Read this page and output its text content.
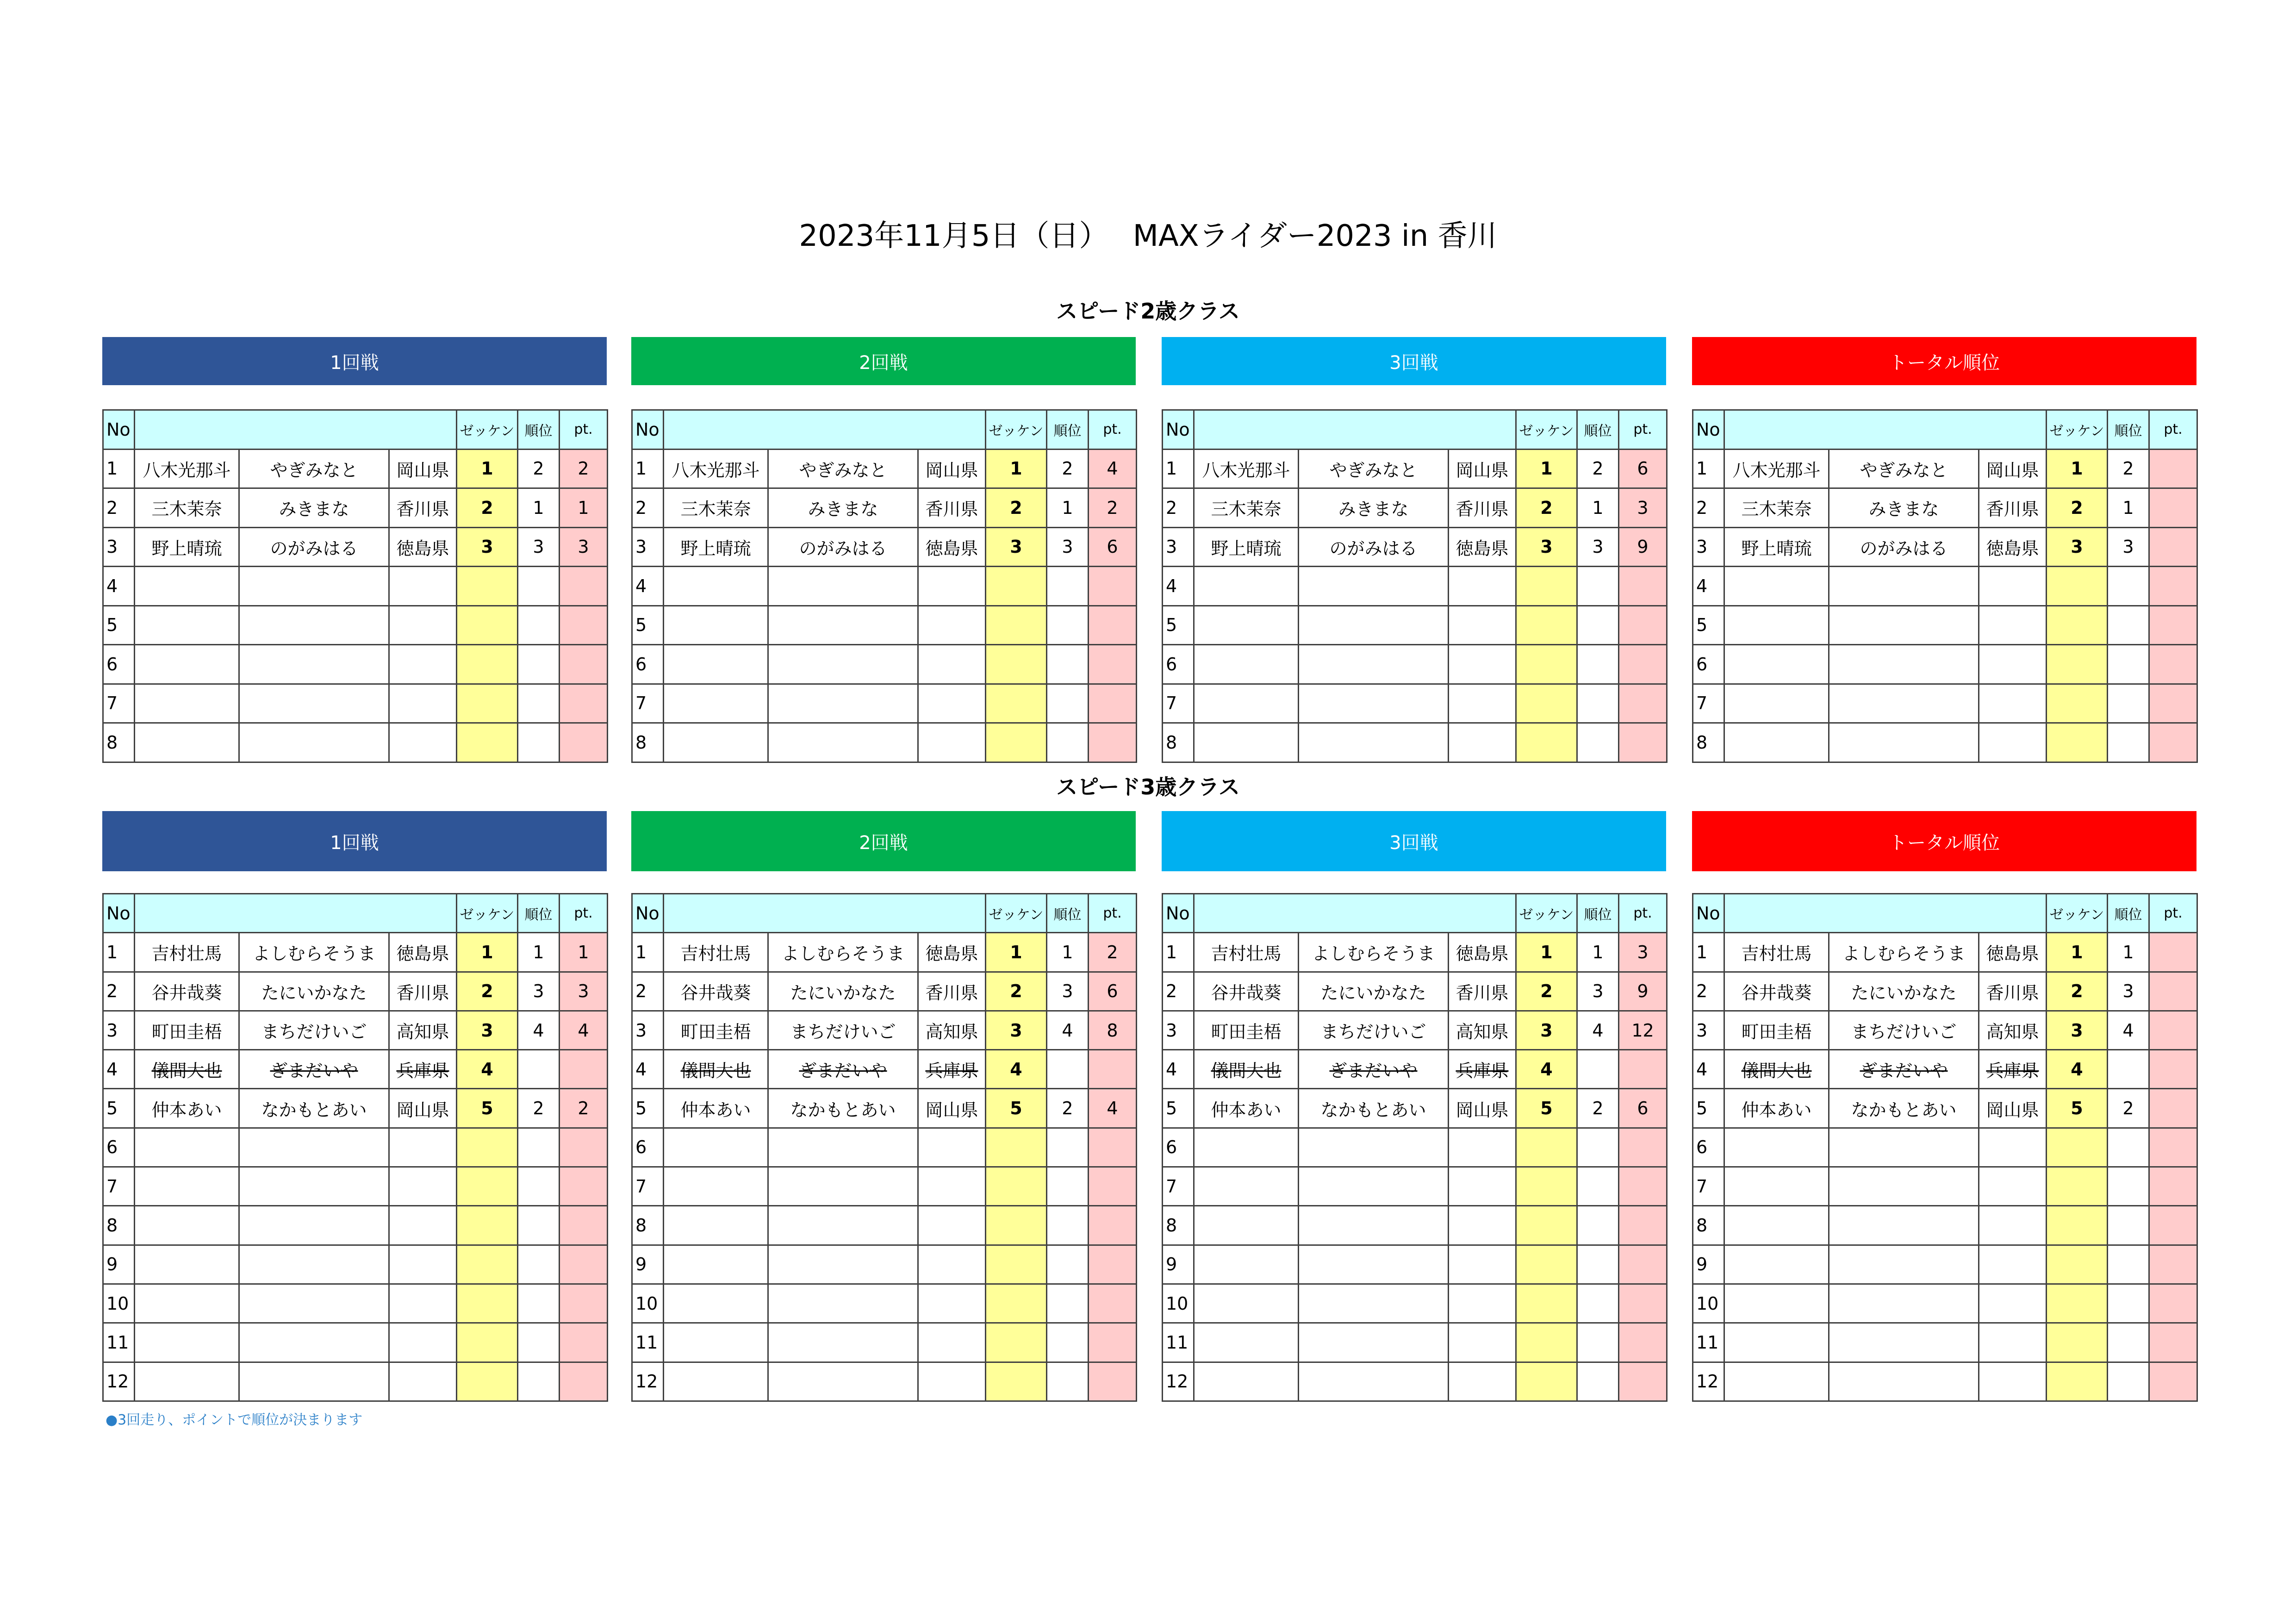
2023年11月5日（日）　 MAXライダー2023 in 香川
スピード2歳クラス
スピード3歳クラス
1回戦
No				ゼッケン	順位	pt.
1	八木光那斗	やぎみなと	岡山県	1	2	2
2	三木茉奈	みきまな	香川県	2	1	1
3	野上晴琉	のがみはる	徳島県	3	3	3
4						
5						
6						
7						
8						
2回戦
No				ゼッケン	順位	pt.
1	八木光那斗	やぎみなと	岡山県	1	2	4
2	三木茉奈	みきまな	香川県	2	1	2
3	野上晴琉	のがみはる	徳島県	3	3	6
4						
5						
6						
7						
8						
3回戦
No				ゼッケン	順位	pt.
1	八木光那斗	やぎみなと	岡山県	1	2	6
2	三木茉奈	みきまな	香川県	2	1	3
3	野上晴琉	のがみはる	徳島県	3	3	9
4						
5						
6						
7						
8						
トータル順位
No				ゼッケン	順位	pt.
1	八木光那斗	やぎみなと	岡山県	1	2	
2	三木茉奈	みきまな	香川県	2	1	
3	野上晴琉	のがみはる	徳島県	3	3	
4						
5						
6						
7						
8						
1回戦
No				ゼッケン	順位	pt.
1	吉村壮馬	よしむらそうま	徳島県	1	1	1
2	谷井哉葵	たにいかなた	香川県	2	3	3
3	町田圭梧	まちだけいご	高知県	3	4	4
4	儀間大也	ぎまだいや	兵庫県	4		
5	仲本あい	なかもとあい	岡山県	5	2	2
6						
7						
8						
9						
10						
11						
12						
2回戦
No				ゼッケン	順位	pt.
1	吉村壮馬	よしむらそうま	徳島県	1	1	2
2	谷井哉葵	たにいかなた	香川県	2	3	6
3	町田圭梧	まちだけいご	高知県	3	4	8
4	儀間大也	ぎまだいや	兵庫県	4		
5	仲本あい	なかもとあい	岡山県	5	2	4
6						
7						
8						
9						
10						
11						
12						
3回戦
No				ゼッケン	順位	pt.
1	吉村壮馬	よしむらそうま	徳島県	1	1	3
2	谷井哉葵	たにいかなた	香川県	2	3	9
3	町田圭梧	まちだけいご	高知県	3	4	12
4	儀間大也	ぎまだいや	兵庫県	4		
5	仲本あい	なかもとあい	岡山県	5	2	6
6						
7						
8						
9						
10						
11						
12						
トータル順位
No				ゼッケン	順位	pt.
1	吉村壮馬	よしむらそうま	徳島県	1	1	
2	谷井哉葵	たにいかなた	香川県	2	3	
3	町田圭梧	まちだけいご	高知県	3	4	
4	儀間大也	ぎまだいや	兵庫県	4		
5	仲本あい	なかもとあい	岡山県	5	2	
6						
7						
8						
9						
10						
11						
12						
●3回走り、ポイントで順位が決まります
